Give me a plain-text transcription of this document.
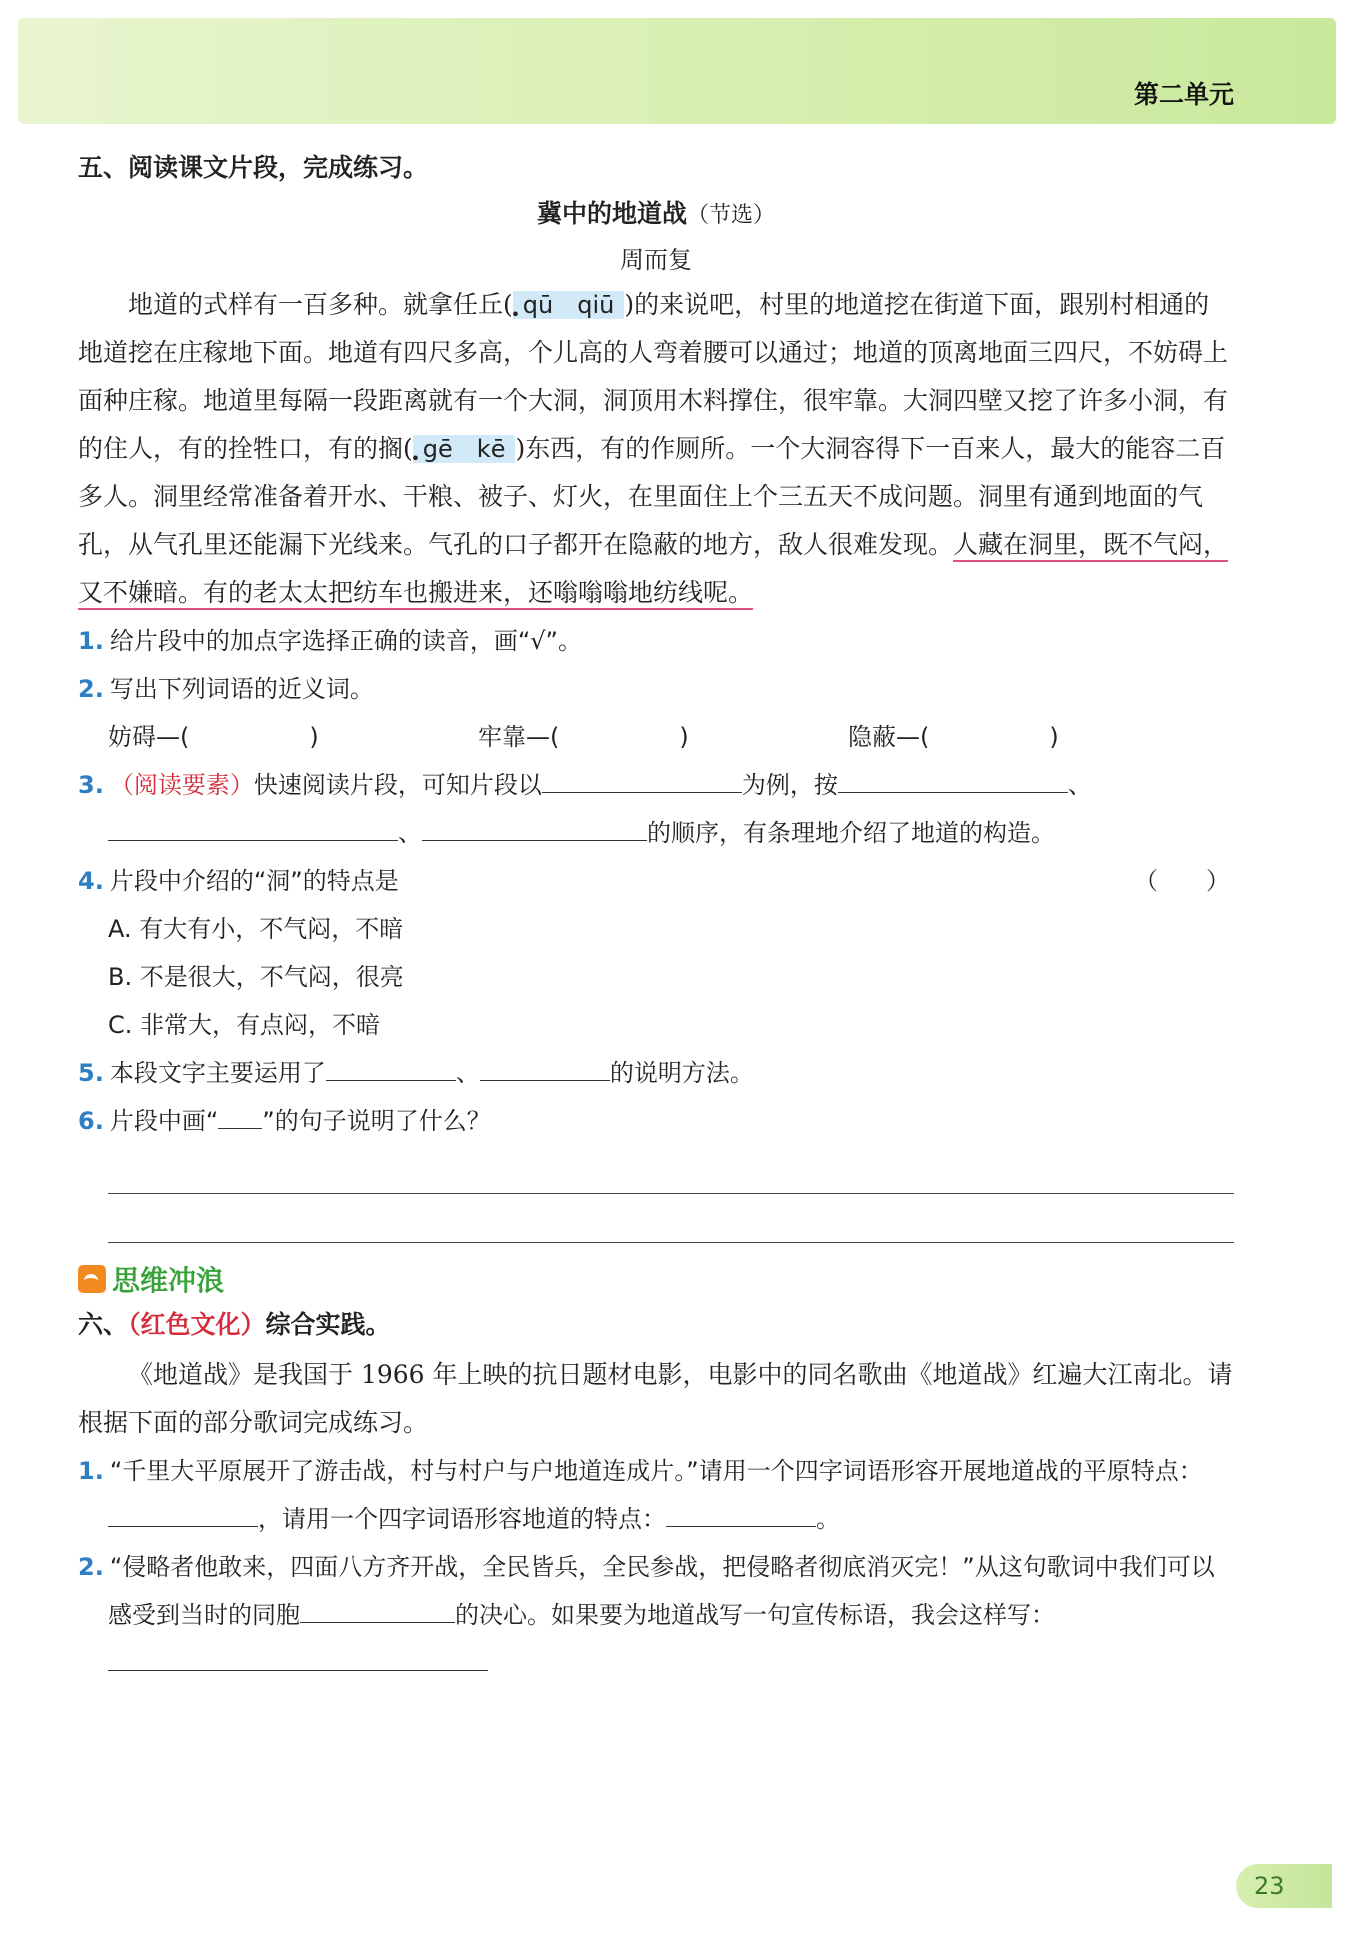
第二单元
五、阅读课文片段，完成练习。
冀中的地道战（节选）
周而复

地道的式样有一百多种。就拿任丘( qū　qiū )的来说吧，村里的地道挖在街道下面，跟别村相通的地道挖在庄稼地下面。地道有四尺多高，个儿高的人弯着腰可以通过；地道的顶离地面三四尺，不妨碍上面种庄稼。地道里每隔一段距离就有一个大洞，洞顶用木料撑住，很牢靠。大洞四壁又挖了许多小洞，有的住人，有的拴牲口，有的搁( gē　kē )东西，有的作厕所。一个大洞容得下一百来人，最大的能容二百多人。洞里经常准备着开水、干粮、被子、灯火，在里面住上个三五天不成问题。洞里有通到地面的气孔，从气孔里还能漏下光线来。气孔的口子都开在隐蔽的地方，敌人很难发现。人藏在洞里，既不气闷，又不嫌暗。有的老太太把纺车也搬进来，还嗡嗡嗡地纺线呢。

1. 给片段中的加点字选择正确的读音，画“√”。
2. 写出下列词语的近义词。
妨碍—(	)	牢靠—(	)	隐蔽—(	)
3. （阅读要素）快速阅读片段，可知片段以	为例，按	、
、	的顺序，有条理地介绍了地道的构造。
4. 片段中介绍的“洞”的特点是	（　　）
A. 有大有小，不气闷，不暗
B. 不是很大，不气闷，很亮
C. 非常大，有点闷，不暗
5. 本段文字主要运用了	、	的说明方法。
6. 片段中画“ ”的句子说明了什么？
思维冲浪
六、（红色文化）综合实践。

《地道战》是我国于 1966 年上映的抗日题材电影，电影中的同名歌曲《地道战》红遍大江南北。请根据下面的部分歌词完成练习。

1. “千里大平原展开了游击战，村与村户与户地道连成片。”请用一个四字词语形容开展地道战的平原特点：，请用一个四字词语形容地道的特点：	。
2. “侵略者他敢来，四面八方齐开战，全民皆兵，全民参战，把侵略者彻底消灭完！”从这句歌词中我们可以感受到当时的同胞	的决心。如果要为地道战写一句宣传标语，我会这样写：
23
